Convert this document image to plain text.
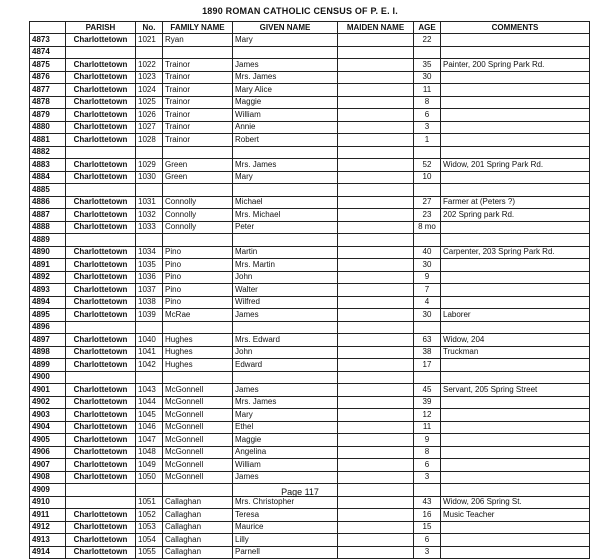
1890 ROMAN CATHOLIC CENSUS OF P. E. I.
	PARISH	No.	FAMILY NAME	GIVEN NAME	MAIDEN NAME	AGE	COMMENTS
4873	Charlottetown	1021	Ryan	Mary		22	
4874							
4875	Charlottetown	1022	Trainor	James		35	Painter, 200 Spring Park Rd.
4876	Charlottetown	1023	Trainor	Mrs. James		30	
4877	Charlottetown	1024	Trainor	Mary Alice		11	
4878	Charlottetown	1025	Trainor	Maggie		8	
4879	Charlottetown	1026	Trainor	William		6	
4880	Charlottetown	1027	Trainor	Annie		3	
4881	Charlottetown	1028	Trainor	Robert		1	
4882							
4883	Charlottetown	1029	Green	Mrs. James		52	Widow, 201 Spring Park Rd.
4884	Charlottetown	1030	Green	Mary		10	
4885							
4886	Charlottetown	1031	Connolly	Michael		27	Farmer at (Peters ?)
4887	Charlottetown	1032	Connolly	Mrs. Michael		23	202 Spring park Rd.
4888	Charlottetown	1033	Connolly	Peter		8 mo	
4889							
4890	Charlottetown	1034	Pino	Martin		40	Carpenter, 203 Spring Park Rd.
4891	Charlottetown	1035	Pino	Mrs. Martin		30	
4892	Charlottetown	1036	Pino	John		9	
4893	Charlottetown	1037	Pino	Walter		7	
4894	Charlottetown	1038	Pino	Wilfred		4	
4895	Charlottetown	1039	McRae	James		30	Laborer
4896							
4897	Charlottetown	1040	Hughes	Mrs. Edward		63	Widow, 204
4898	Charlottetown	1041	Hughes	John		38	Truckman
4899	Charlottetown	1042	Hughes	Edward		17	
4900							
4901	Charlottetown	1043	McGonnell	James		45	Servant, 205 Spring Street
4902	Charlottetown	1044	McGonnell	Mrs. James		39	
4903	Charlottetown	1045	McGonnell	Mary		12	
4904	Charlottetown	1046	McGonnell	Ethel		11	
4905	Charlottetown	1047	McGonnell	Maggie		9	
4906	Charlottetown	1048	McGonnell	Angelina		8	
4907	Charlottetown	1049	McGonnell	William		6	
4908	Charlottetown	1050	McGonnell	James		3	
4909							
4910		1051	Callaghan	Mrs. Christopher		43	Widow, 206 Spring St.
4911	Charlottetown	1052	Callaghan	Teresa		16	Music Teacher
4912	Charlottetown	1053	Callaghan	Maurice		15	
4913	Charlottetown	1054	Callaghan	Lilly		6	
4914	Charlottetown	1055	Callaghan	Parnell		3	
Page 117
